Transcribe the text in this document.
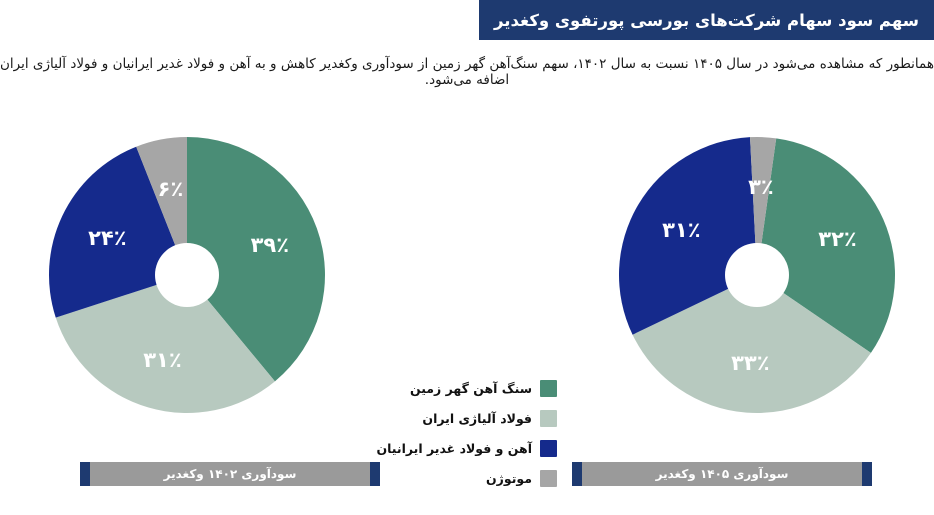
سهم سود سهام شرکت‌های بورسی پورتفوی وکغدیر
همانطور که مشاهده می‌شود در سال ۱۴۰۵ نسبت به سال ۱۴۰۲، سهم سنگ‌آهن گهر زمین از سودآوری وکغدیر کاهش و به آهن و فولاد غدیر ایرانیان و فولاد آلیاژی ایران اضافه می‌شود.
۳۲٪
۳۳٪
۳۱٪
۳٪
۳۹٪
۳۱٪
۲۴٪
۶٪
سنگ آهن گهر زمین
فولاد آلیاژی ایران
آهن و فولاد غدیر ایرانیان
موتوژن
سودآوری ۱۴۰۲ وکغدیر	سودآوری ۱۴۰۵ وکغدیر
